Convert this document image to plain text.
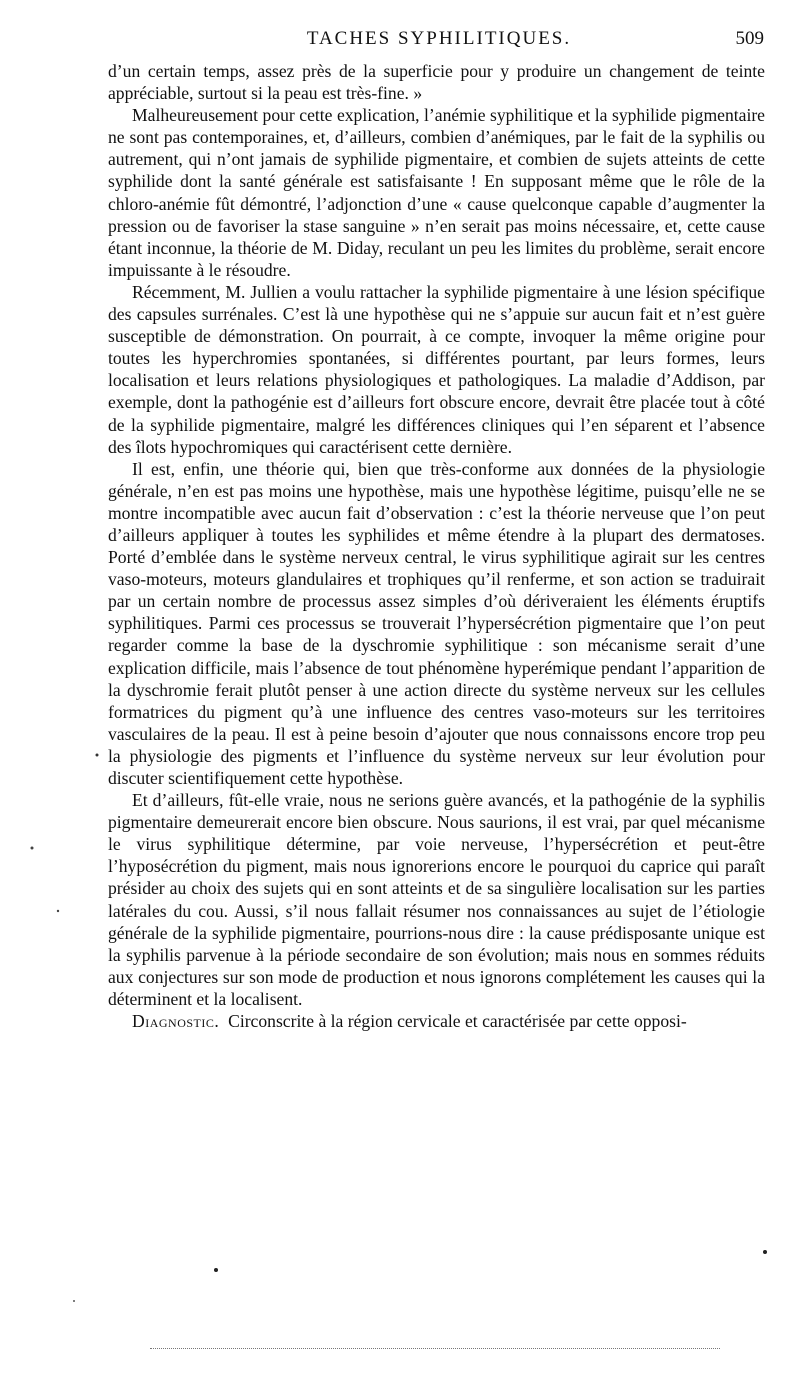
TACHES SYPHILITIQUES.	509

d’un certain temps, assez près de la superficie pour y produire un changement de teinte appréciable, surtout si la peau est très-fine. »

Malheureusement pour cette explication, l’anémie syphilitique et la syphilide pigmentaire ne sont pas contemporaines, et, d’ailleurs, combien d’anémiques, par le fait de la syphilis ou autrement, qui n’ont jamais de syphilide pigmentaire, et combien de sujets atteints de cette syphilide dont la santé générale est satisfaisante ! En supposant même que le rôle de la chloro-anémie fût démontré, l’adjonction d’une « cause quelconque capable d’augmenter la pression ou de favoriser la stase sanguine » n’en serait pas moins nécessaire, et, cette cause étant inconnue, la théorie de M. Diday, reculant un peu les limites du problème, serait encore impuissante à le résoudre.

Récemment, M. Jullien a voulu rattacher la syphilide pigmentaire à une lésion spécifique des capsules surrénales. C’est là une hypothèse qui ne s’appuie sur aucun fait et n’est guère susceptible de démonstration. On pourrait, à ce compte, invoquer la même origine pour toutes les hyperchromies spontanées, si différentes pourtant, par leurs formes, leurs localisation et leurs relations physiologiques et pathologiques. La maladie d’Addison, par exemple, dont la pathogénie est d’ailleurs fort obscure encore, devrait être placée tout à côté de la syphilide pigmentaire, malgré les différences cliniques qui l’en séparent et l’absence des îlots hypochromiques qui caractérisent cette dernière.

Il est, enfin, une théorie qui, bien que très-conforme aux données de la physiologie générale, n’en est pas moins une hypothèse, mais une hypothèse légitime, puisqu’elle ne se montre incompatible avec aucun fait d’observation : c’est la théorie nerveuse que l’on peut d’ailleurs appliquer à toutes les syphilides et même étendre à la plupart des dermatoses. Porté d’emblée dans le système nerveux central, le virus syphilitique agirait sur les centres vaso-moteurs, moteurs glandulaires et trophiques qu’il renferme, et son action se traduirait par un certain nombre de processus assez simples d’où dériveraient les éléments éruptifs syphilitiques. Parmi ces processus se trouverait l’hypersécrétion pigmentaire que l’on peut regarder comme la base de la dyschromie syphilitique : son mécanisme serait d’une explication difficile, mais l’absence de tout phénomène hyperémique pendant l’apparition de la dyschromie ferait plutôt penser à une action directe du système nerveux sur les cellules formatrices du pigment qu’à une influence des centres vaso-moteurs sur les territoires vasculaires de la peau. Il est à peine besoin d’ajouter que nous connaissons encore trop peu la physiologie des pigments et l’influence du système nerveux sur leur évolution pour discuter scientifiquement cette hypothèse.

Et d’ailleurs, fût-elle vraie, nous ne serions guère avancés, et la pathogénie de la syphilis pigmentaire demeurerait encore bien obscure. Nous saurions, il est vrai, par quel mécanisme le virus syphilitique détermine, par voie nerveuse, l’hypersécrétion et peut-être l’hyposécrétion du pigment, mais nous ignorerions encore le pourquoi du caprice qui paraît présider au choix des sujets qui en sont atteints et de sa singulière localisation sur les parties latérales du cou. Aussi, s’il nous fallait résumer nos connaissances au sujet de l’étiologie générale de la syphilide pigmentaire, pourrions-nous dire : la cause prédisposante unique est la syphilis parvenue à la période secondaire de son évolution; mais nous en sommes réduits aux conjectures sur son mode de production et nous ignorons complétement les causes qui la déterminent et la localisent.

Diagnostic. Circonscrite à la région cervicale et caractérisée par cette opposi-
